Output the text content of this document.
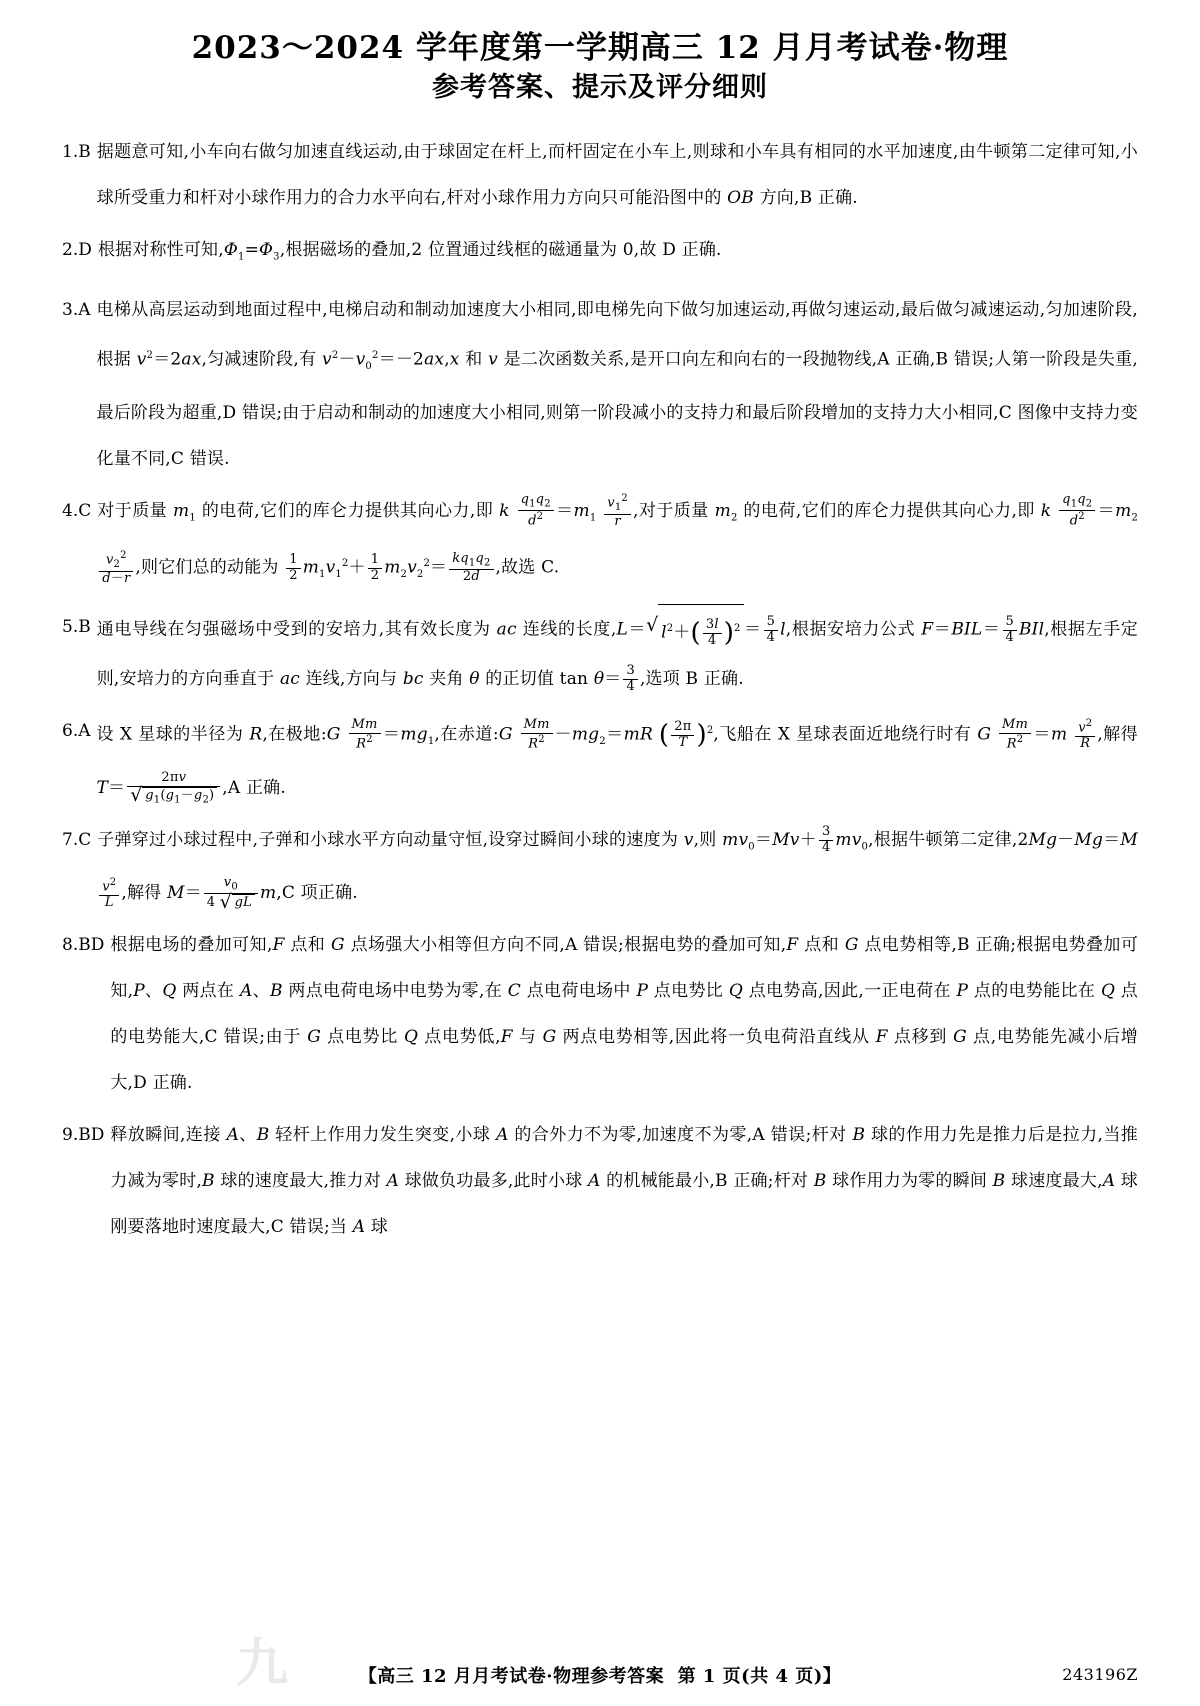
2023～2024 学年度第一学期高三 12 月月考试卷·物理
参考答案、提示及评分细则
1.B 据题意可知,小车向右做匀加速直线运动,由于球固定在杆上,而杆固定在小车上,则球和小车具有相同的水平加速度,由牛顿第二定律可知,小球所受重力和杆对小球作用力的合力水平向右,杆对小球作用力方向只可能沿图中的 OB 方向,B 正确.
2.D 根据对称性可知$,\Phi_1=\Phi_3$,根据磁场的叠加,2 位置通过线框的磁通量为 0,故 D 正确.
3.A 电梯从高层运动到地面过程中,电梯启动和制动加速度大小相同,即电梯先向下做匀加速运动,再做匀速运动,最后做匀减速运动,匀加速阶段,根据 $v^2=2ax$,匀减速阶段,有 $v^2-v_0^2=-2ax,x$ 和 v 是二次函数关系,是开口向左和向右的一段抛物线,A 正确,B 错误;人第一阶段是失重,最后阶段为超重,D 错误;由于启动和制动的加速度大小相同,则第一阶段减小的支持力和最后阶段增加的支持力大小相同,C 图像中支持力变化量不同,C 错误.
4.C 对于质量 $m_1$ 的电荷,它们的库仑力提供其向心力,即 k $\frac{q_1q_2}{d^2} =m_1 \frac{v_1^2}{r}$ ,对于质量 $m_2$ 的电荷,它们的库仑力提供其向心力,即 k $\frac{q_1q_2}{d^2} =m_2$
$\frac{v_2^2}{d-r}$ ,则它们总的动能为 $\frac{1}{2} m_1v_1^2+ \frac{1}{2} m_2v_2^2= \frac{kq_1q_2}{2d}$ ,故选 C.
5.B 通电导线在匀强磁场中受到的安培力,其有效长度为 ac 连线的长度,L＝ √ $l^2+( \frac{3l}{4} )^2 = \frac{5}{4} l$,根据安培力公式 $F=BIL= \frac{5}{4}$ BIl,根据左手定则,安培力的方向垂直于 ac 连线,方向与 bc 夹角 θ 的正切值 $\tan \theta= \frac{3}{4}$ ,选项 B 正确.
6.A 设 X 星球的半径为 R,在极地:G $\frac{Mm}{R^2} =mg_1$,在赤道:G $\frac{Mm}{R^2} -mg_2=mR$ ( $\frac{2\pi}{T} )^2$,飞船在 X 星球表面近地绕行时有 G $\frac{Mm}{R^2} =m \frac{v^2}{R}$ ,解得 T＝ 2πv
√ $g_1(g_1-g_2)$ ,A 正确.
7.C 子弹穿过小球过程中,子弹和小球水平方向动量守恒,设穿过瞬间小球的速度为 v,则 $mv_0=Mv+ \frac{3}{4} mv_0$,根据牛顿第二定律,2Mg－Mg＝M
$\frac{v^2}{L}$ ,解得 $M= \frac{v_0}{4 √ gL} m,C$ 项正确.
8.BD 根据电场的叠加可知,F 点和 G 点场强大小相等但方向不同,A 错误;根据电势的叠加可知,F 点和 G 点电势相等,B 正确;根据电势叠加可知,P、Q 两点在 A、B 两点电荷电场中电势为零,在 C 点电荷电场中 P 点电势比 Q 点电势高,因此,一正电荷在 P 点的电势能比在 Q 点的电势能大,C 错误;由于 G 点电势比 Q 点电势低,F 与 G 两点电势相等,因此将一负电荷沿直线从 F 点移到 G 点,电势能先减小后增大,D 正确.
9.BD 释放瞬间,连接 A、B 轻杆上作用力发生突变,小球 A 的合外力不为零,加速度不为零,A 错误;杆对 B 球的作用力先是推力后是拉力,当推力减为零时,B 球的速度最大,推力对 A 球做负功最多,此时小球 A 的机械能最小,B 正确;杆对 B 球作用力为零的瞬间 B 球速度最大,A 球刚要落地时速度最大,C 错误;当 A 球
九	【高三 12 月月考试卷·物理参考答案 第 1 页(共 4 页)】	243196Z
